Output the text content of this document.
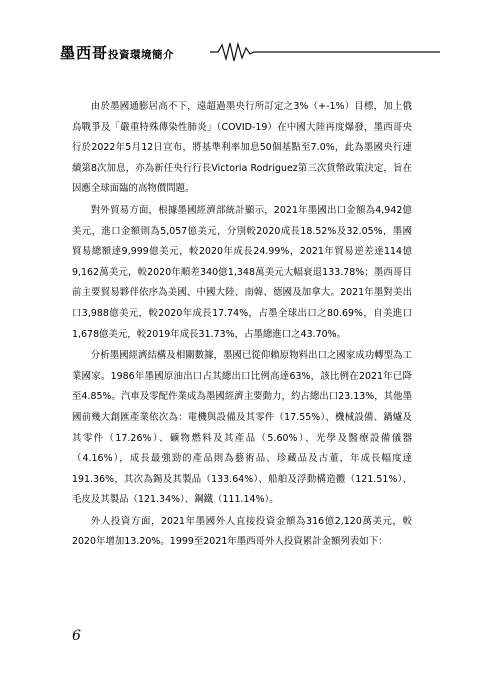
墨西哥投資環境簡介

由於墨國通膨居高不下，遠超過墨央行所訂定之3%（+-1%）目標，加上俄烏戰爭及「嚴重特殊傳染性肺炎」（COVID-19）在中國大陸再度爆發，墨西哥央行於2022年5月12日宣布，將基準利率加息50個基點至7.0%，此為墨國央行連續第8次加息，亦為新任央行行長Victoria Rodriguez第三次貨幣政策決定，旨在因應全球面臨的高物價問題。

對外貿易方面，根據墨國經濟部統計顯示，2021年墨國出口金額為4,942億美元，進口金額則為5,057億美元，分別較2020成長18.52%及32.05%，墨國貿易總額達9,999億美元，較2020年成長24.99%，2021年貿易逆差達114億9,162萬美元，較2020年順差340億1,348萬美元大幅衰退133.78%；墨西哥目前主要貿易夥伴依序為美國、中國大陸、南韓、德國及加拿大。2021年墨對美出口3,988億美元，較2020年成長17.74%，占墨全球出口之80.69%，自美進口1,678億美元，較2019年成長31.73%，占墨總進口之43.70%。

分析墨國經濟結構及相關數據，墨國已從仰賴原物料出口之國家成功轉型為工業國家。1986年墨國原油出口占其總出口比例高達63%，該比例在2021年已降至4.85%。汽車及零配件業成為墨國經濟主要動力，約占總出口23.13%，其他墨國前幾大創匯產業依次為：電機與設備及其零件（17.55%）、機械設備、鍋爐及其零件（17.26%）、礦物燃料及其產品（5.60%）、光學及醫療設備儀器（4.16%），成長最強勁的產品則為藝術品、珍藏品及古董，年成長幅度達191.36%，其次為錫及其製品（133.64%）、船舶及浮動構造體（121.51%）、毛皮及其製品（121.34%）、鋼鐵（111.14%）。

外人投資方面，2021年墨國外人直接投資金額為316億2,120萬美元，較2020年增加13.20%。1999至2021年墨西哥外人投資累計金額列表如下：

6
